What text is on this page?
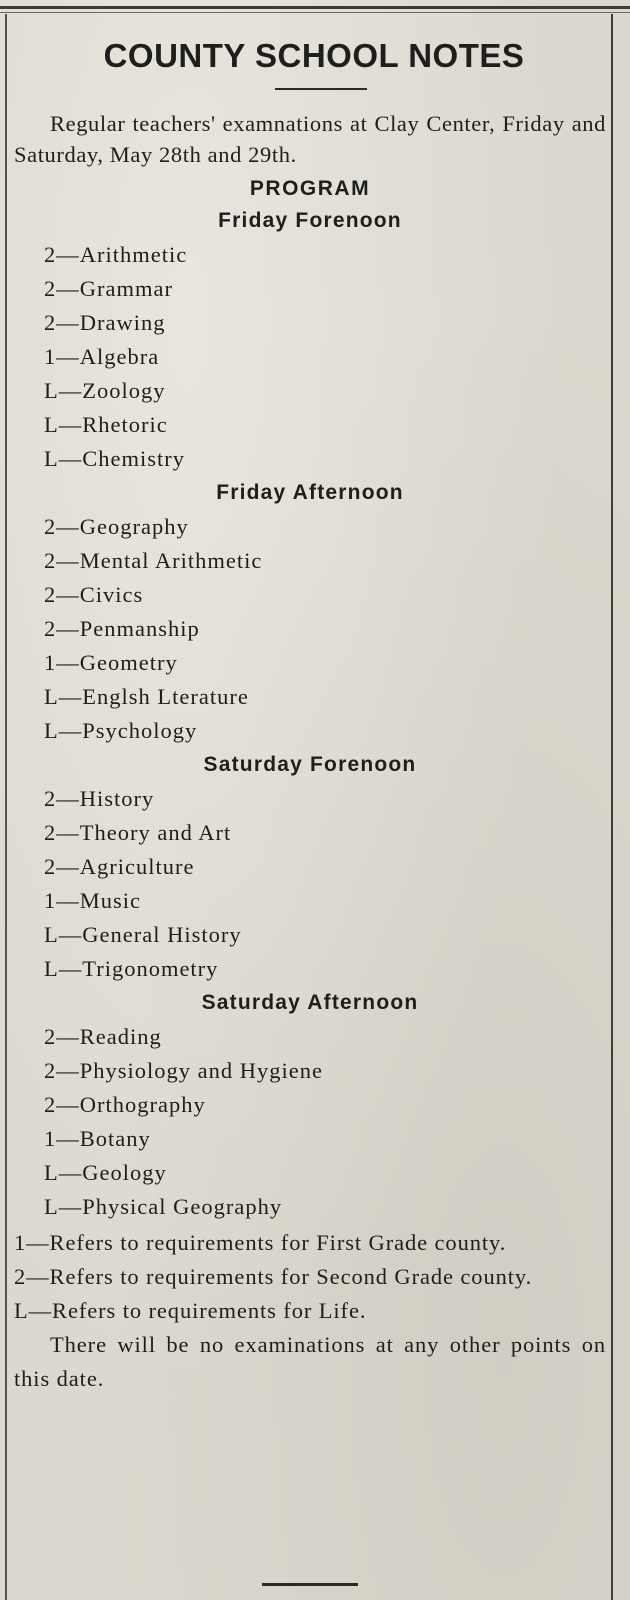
COUNTY SCHOOL NOTES

Regular teachers' examnations at Clay Center, Friday and Saturday, May 28th and 29th.

PROGRAM
Friday Forenoon
2—Arithmetic
2—Grammar
2—Drawing
1—Algebra
L—Zoology
L—Rhetoric
L—Chemistry
Friday Afternoon
2—Geography
2—Mental Arithmetic
2—Civics
2—Penmanship
1—Geometry
L—Englsh Lterature
L—Psychology
Saturday Forenoon
2—History
2—Theory and Art
2—Agriculture
1—Music
L—General History
L—Trigonometry
Saturday Afternoon
2—Reading
2—Physiology and Hygiene
2—Orthography
1—Botany
L—Geology
L—Physical Geography

1—Refers to requirements for First Grade county.

2—Refers to requirements for Second Grade county.

L—Refers to requirements for Life.

There will be no examinations at any other points on this date.
